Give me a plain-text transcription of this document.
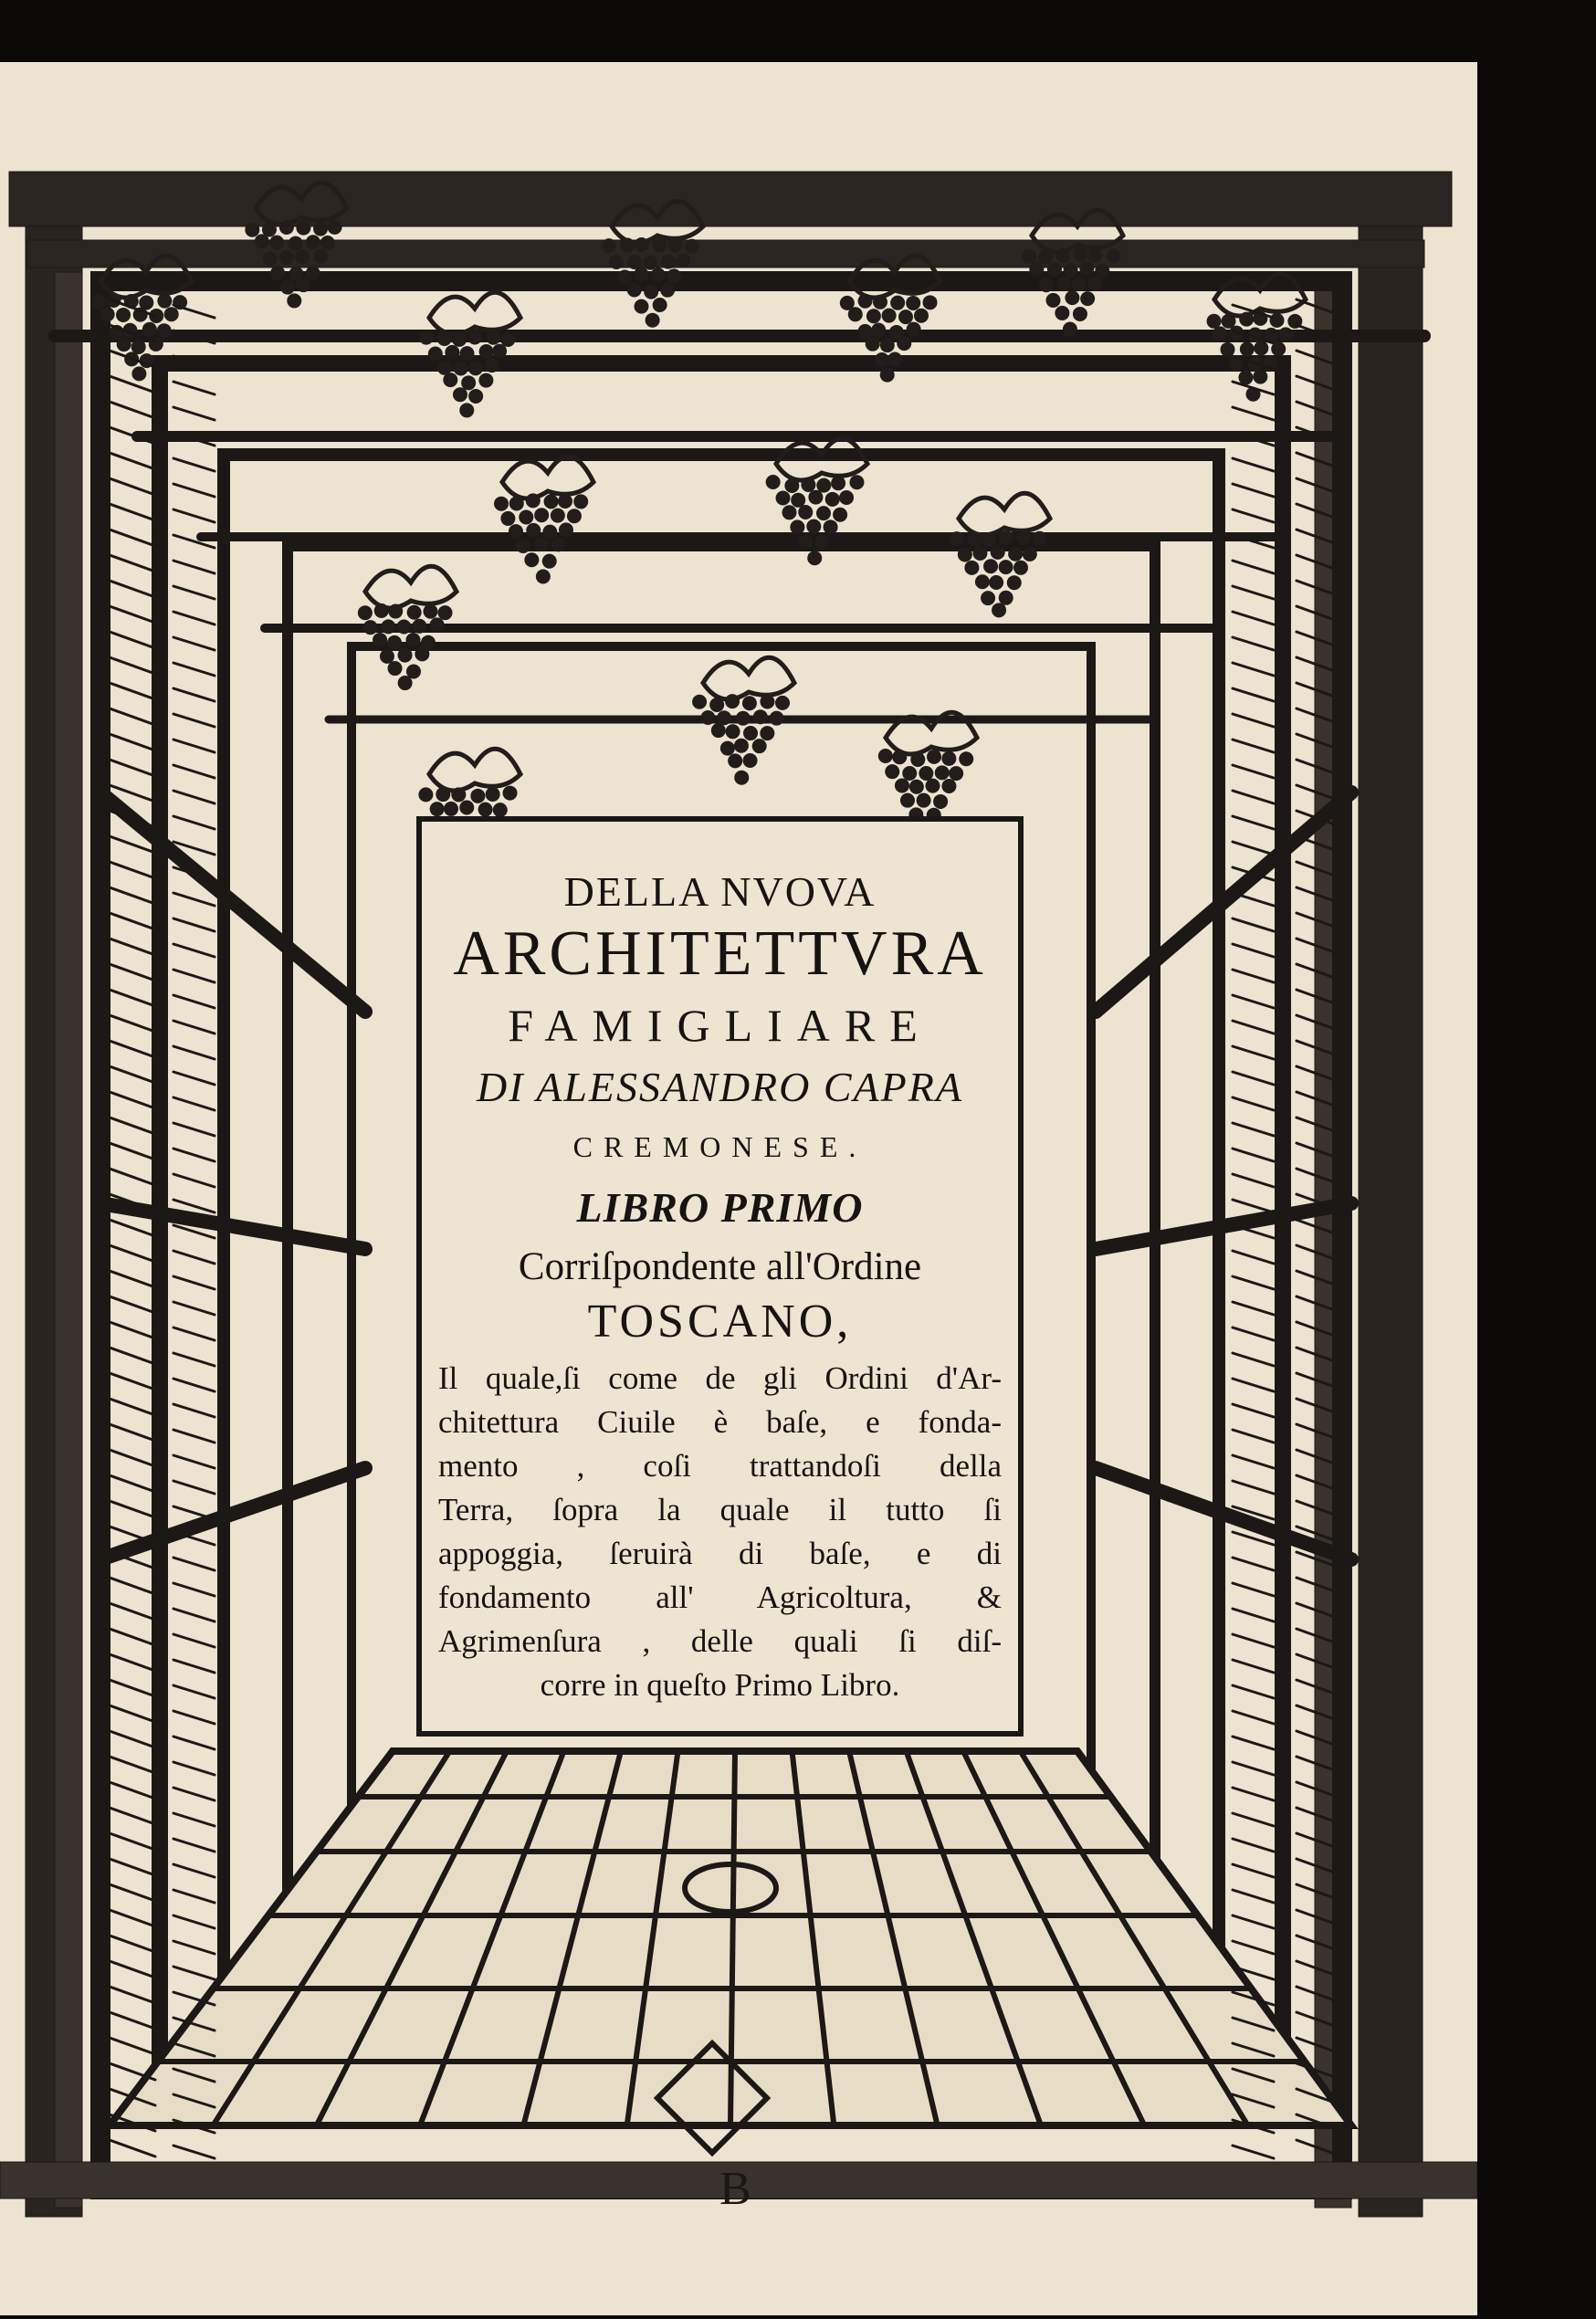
DELLA NVOVA
ARCHITETTVRA
FAMIGLIARE
DI ALESSANDRO CAPRA
CREMONESE.
LIBRO PRIMO
Corriſpondente all'Ordine
TOSCANO,
Il quale,ſi come de gli Ordini d'Ar-
chitettura Ciuile è baſe, e fonda-
mento , coſi trattandoſi della
Terra, ſopra la quale il tutto ſi
appoggia, ſeruirà di baſe, e di
fondamento all' Agricoltura, &
Agrimenſura , delle quali ſi diſ-
corre in queſto Primo Libro.
B
